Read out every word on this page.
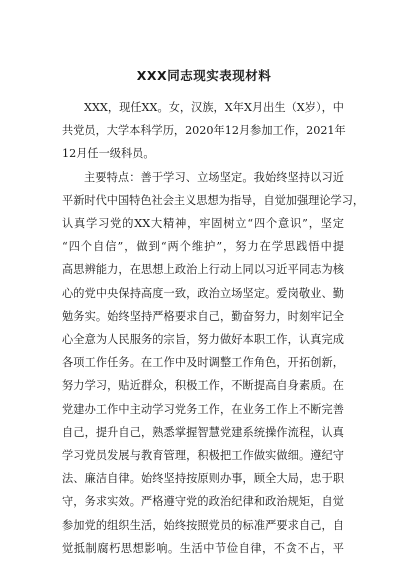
XXX同志现实表现材料
XXX，现任XX。女，汉族，X年X月出生（X岁），中
共党员，大学本科学历，2020年12月参加工作，2021年
12月任一级科员。
主要特点：善于学习、立场坚定。我始终坚持以习近
平新时代中国特色社会主义思想为指导，自觉加强理论学习，
认真学习党的XX大精神，牢固树立“四个意识”，坚定
“四个自信”，做到“两个维护”，努力在学思践悟中提
高思辨能力，在思想上政治上行动上同以习近平同志为核
心的党中央保持高度一致，政治立场坚定。爱岗敬业、勤
勉务实。始终坚持严格要求自己，勤奋努力，时刻牢记全
心全意为人民服务的宗旨，努力做好本职工作，认真完成
各项工作任务。在工作中及时调整工作角色，开拓创新，
努力学习，贴近群众，积极工作，不断提高自身素质。在
党建办工作中主动学习党务工作，在业务工作上不断完善
自己，提升自己，熟悉掌握智慧党建系统操作流程，认真
学习党员发展与教育管理，积极把工作做实做细。遵纪守
法、廉洁自律。始终坚持按原则办事，顾全大局，忠于职
守，务求实效。严格遵守党的政治纪律和政治规矩，自觉
参加党的组织生活，始终按照党员的标准严要求自己，自
觉抵制腐朽思想影响。生活中节俭自律，不贪不占，平
